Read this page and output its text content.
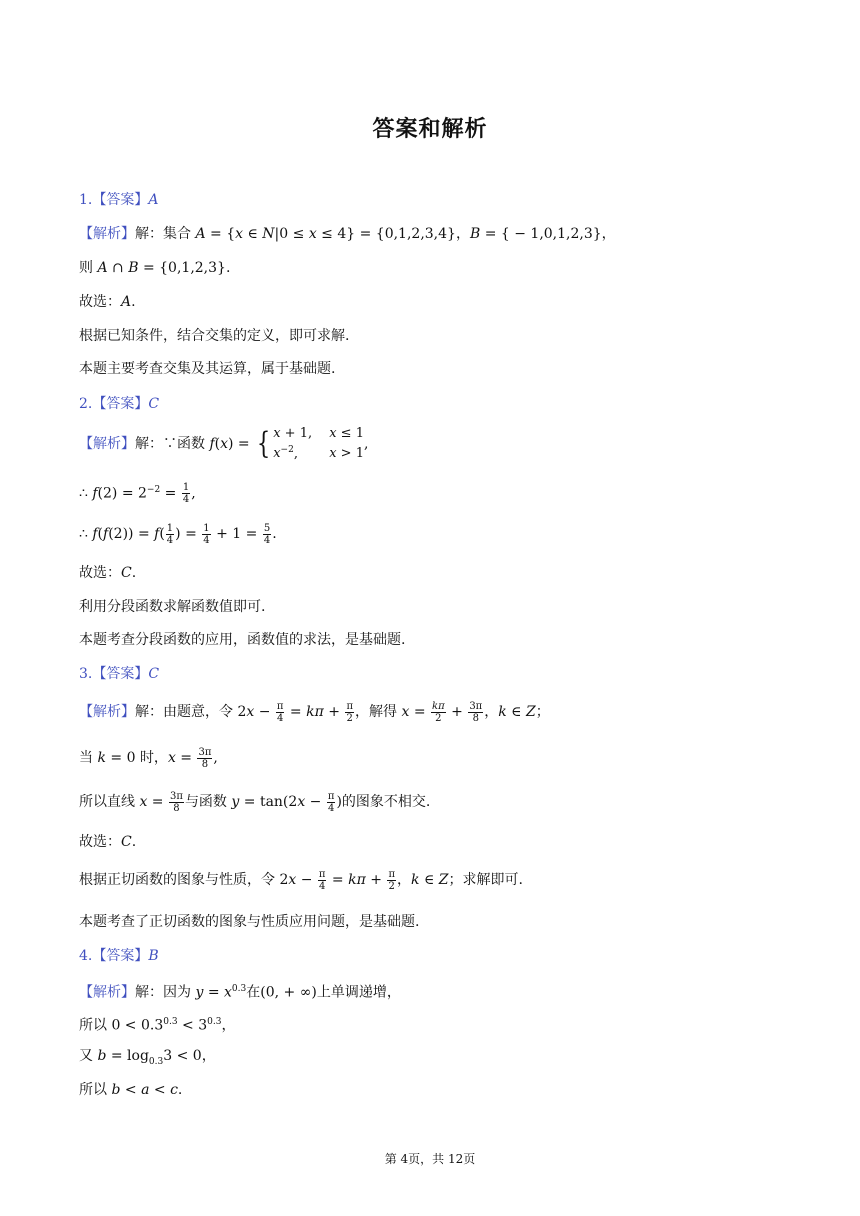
答案和解析
1.【答案】A
【解析】解：集合 A = {x ∈ N|0 ≤ x ≤ 4} = {0,1,2,3,4}，B = { − 1,0,1,2,3}，
则 A ∩ B = {0,1,2,3}.
故选：A.
根据已知条件，结合交集的定义，即可求解.
本题主要考查交集及其运算，属于基础题.
2.【答案】C
【解析】解：∵函数 f(x) = { x + 1, x ≤ 1
$x^{-2}$, x > 1
,
∴ $f(2) = 2^{-2} = \frac{1}{4}$ ,
∴ $f(f(2)) = f( \frac{1}{4}$ ) = $\frac{1}{4} + 1 = \frac{5}{4}$ .
故选：C.
利用分段函数求解函数值即可.
本题考查分段函数的应用，函数值的求法，是基础题.
3.【答案】C
【解析】解：由题意，令 $2x - \frac{\pi}{4} = k\pi + \frac{\pi}{2}$ ，解得 $x = \frac{k\pi}{2} + \frac{3\pi}{8}$ ，k ∈ Z；
当 k = 0 时，$x = \frac{3\pi}{8}$ ,
所以直线 $x = \frac{3\pi}{8}$ 与函数 $y = \tan(2x - \frac{\pi}{4}$ )的图象不相交.
故选：C.
根据正切函数的图象与性质，令 $2x - \frac{\pi}{4} = k\pi + \frac{\pi}{2}$ ，k ∈ Z；求解即可.
本题考查了正切函数的图象与性质应用问题，是基础题.
4.【答案】B
【解析】解：因为 $y = x^{0.3}$在(0, + ∞)上单调递增，
所以 $0 < 0.3^{0.3} < 3^{0.3}$，
又 $b = \log_{0.3}3 < 0$，
所以 b < a < c.
第 4页，共 12页
